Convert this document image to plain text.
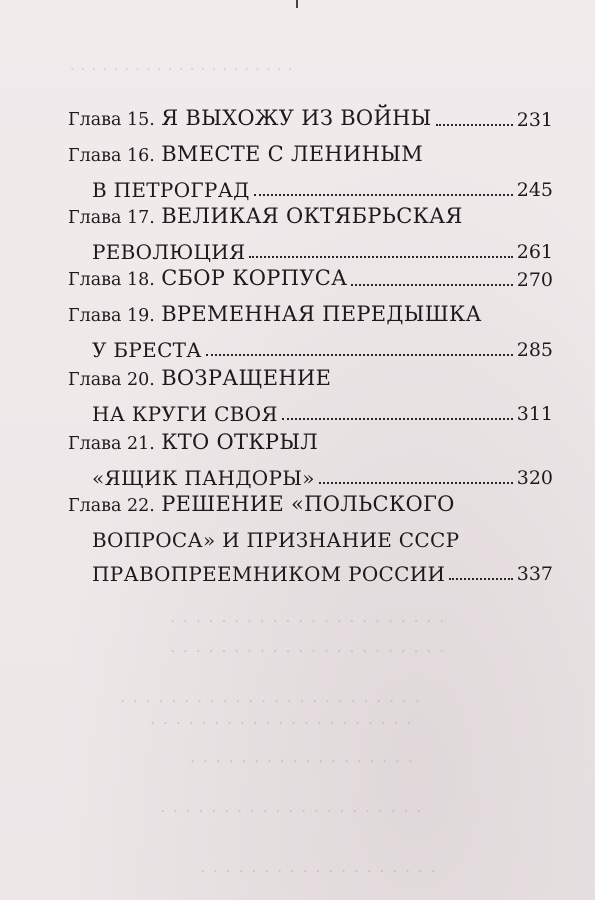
· · · · · · · · · · · · · · · · · · · · ·
· · · · · · · · · · · · · · · · · · · · · ·
· · · · · · · · · · · · · · · · · · · · · ·
· · · · · · · · · · · · · · · · · · · · · · · ·
· · · · · · · · · · · · · · · · · · · · ·
· · · · · · · · · · · · · · · · · ·
· · · · · · · · · · · · · · · · · · · · ·
· · · · · · · · · · · · · · · · · · ·
Глава 15. Я ВЫХОЖУ ИЗ ВОЙНЫ	231
Глава 16. ВМЕСТЕ С ЛЕНИНЫМ
В ПЕТРОГРАД	245
Глава 17. ВЕЛИКАЯ ОКТЯБРЬСКАЯ
РЕВОЛЮЦИЯ	261
Глава 18. СБОР КОРПУСА	270
Глава 19. ВРЕМЕННАЯ ПЕРЕДЫШКА
У БРЕСТА	285
Глава 20. ВОЗРАЩЕНИЕ
НА КРУГИ СВОЯ	311
Глава 21. КТО ОТКРЫЛ
«ЯЩИК ПАНДОРЫ»	320
Глава 22. РЕШЕНИЕ «ПОЛЬСКОГО
ВОПРОСА» И ПРИЗНАНИЕ СССР
ПРАВОПРЕЕМНИКОМ РОССИИ	337
